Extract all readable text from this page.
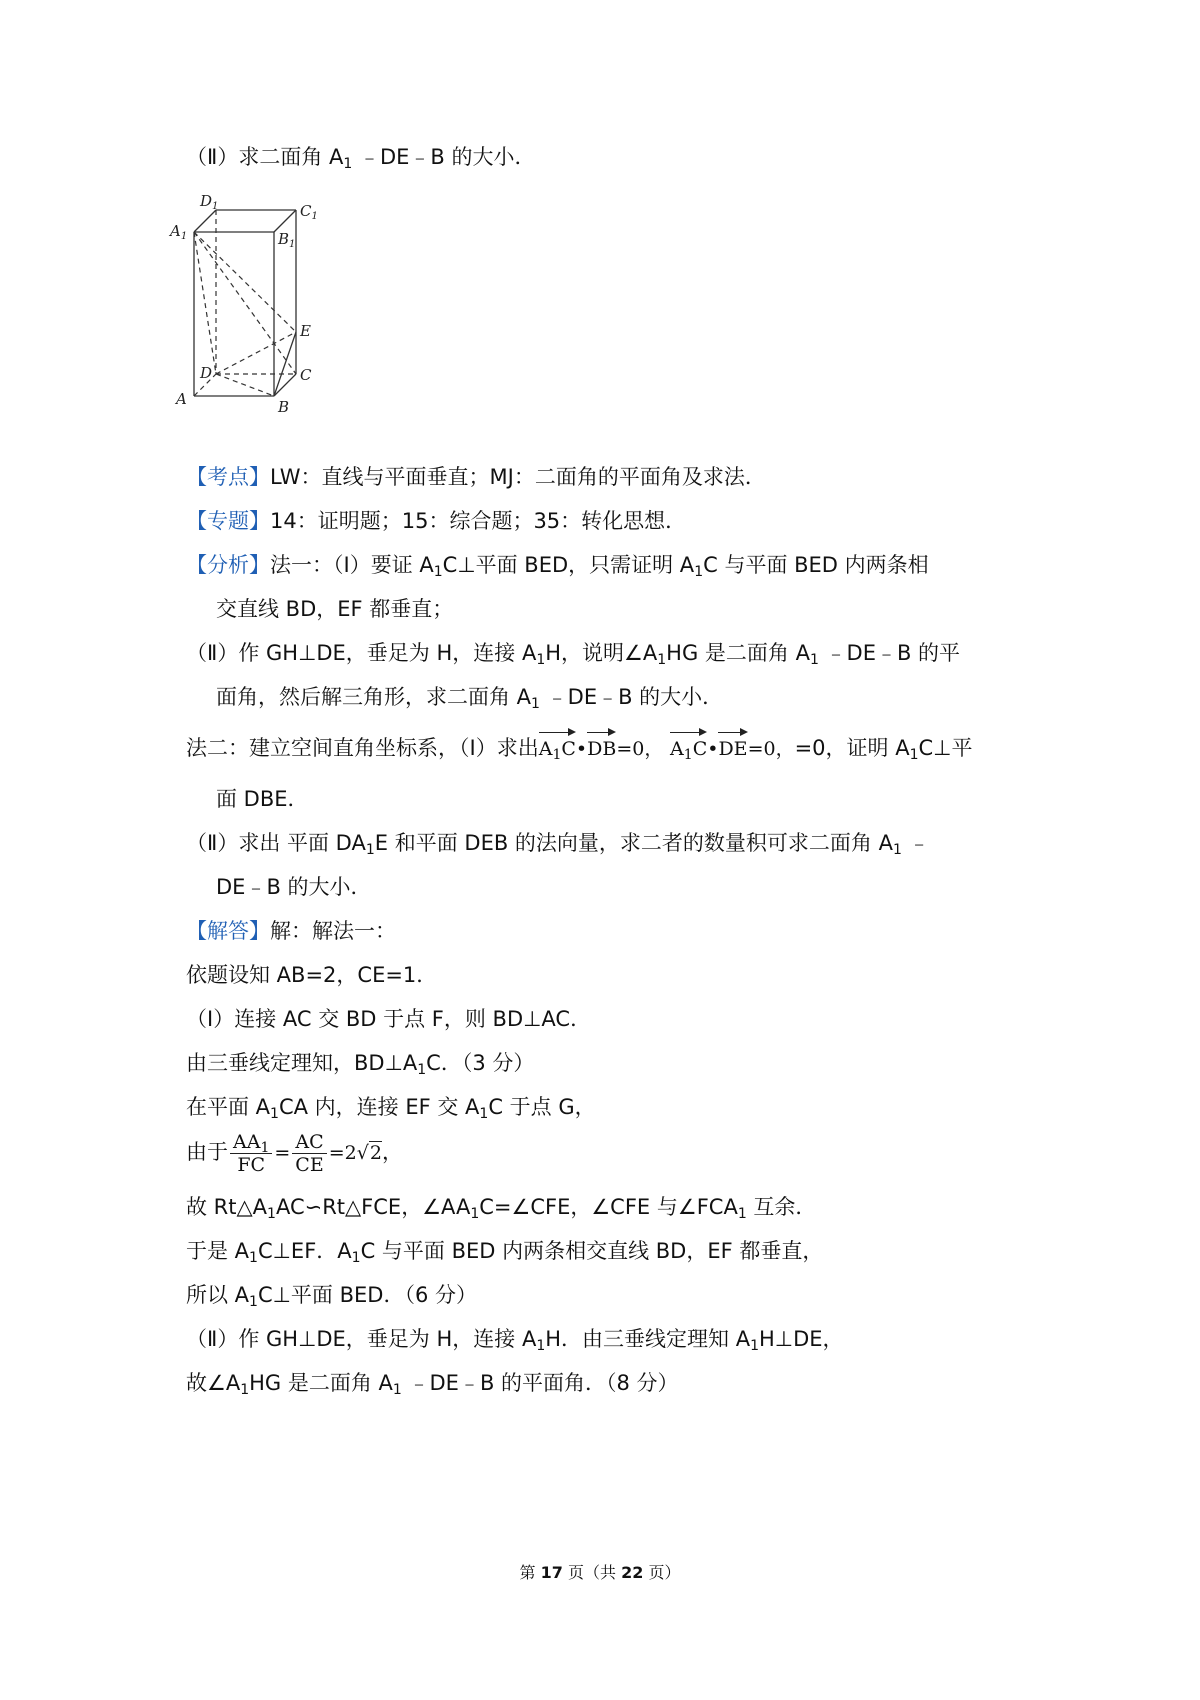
（Ⅱ）求二面角 $A_1$ ﹣DE﹣B 的大小．
$D_1$	$C_1$
$A_1$	$B_1$
E
D	C
A	B
【考点】LW：直线与平面垂直；MJ：二面角的平面角及求法．
【专题】14：证明题；15：综合题；35：转化思想．
【分析】法一：（Ⅰ）要证 $A_1C\perp$平面 BED，只需证明 $A_1C$ 与平面 BED 内两条相
交直线 BD，EF 都垂直；
（Ⅱ）作 GH⊥DE，垂足为 H，连接 $A_1H$，说明$\angle A_1HG$ 是二面角 $A_1$ ﹣DE﹣B 的平
面角，然后解三角形，求二面角 $A_1$ ﹣DE﹣B 的大小．
法二：建立空间直角坐标系，（Ⅰ）求出$A_1C•DB=0$， $A_1C•DE=0$，=0，证明 $A_1C\perp$平
面 DBE．
（Ⅱ）求出 平面 $DA_1E$ 和平面 DEB 的法向量，求二者的数量积可求二面角 $A_1$ ﹣
DE﹣B 的大小．
【解答】解：解法一：
依题设知 AB=2，CE=1．
（Ⅰ）连接 AC 交 BD 于点 F，则 BD⊥AC．
由三垂线定理知，$BD\perp A_1C$．（3 分）
在平面 $A_1CA$ 内，连接 EF 交 $A_1C$ 于点 G，
由于 $\frac{AA_1}{FC} = \frac{AC}{CE} =2√2$，
故 $Rt\triangle A_1AC∽Rt\triangle FCE$，$\angle AA_1C=\angle CFE$，∠CFE 与$\angle FCA_1$ 互余．
于是 $A_1C\perp EF$．$A_1C$ 与平面 BED 内两条相交直线 BD，EF 都垂直，
所以 $A_1C\perp$平面 BED．（6 分）
（Ⅱ）作 GH⊥DE，垂足为 H，连接 $A_1H$．由三垂线定理知 $A_1H\perp DE$，
故$\angle A_1HG$ 是二面角 $A_1$ ﹣DE﹣B 的平面角．（8 分）
第 17 页（共 22 页）
